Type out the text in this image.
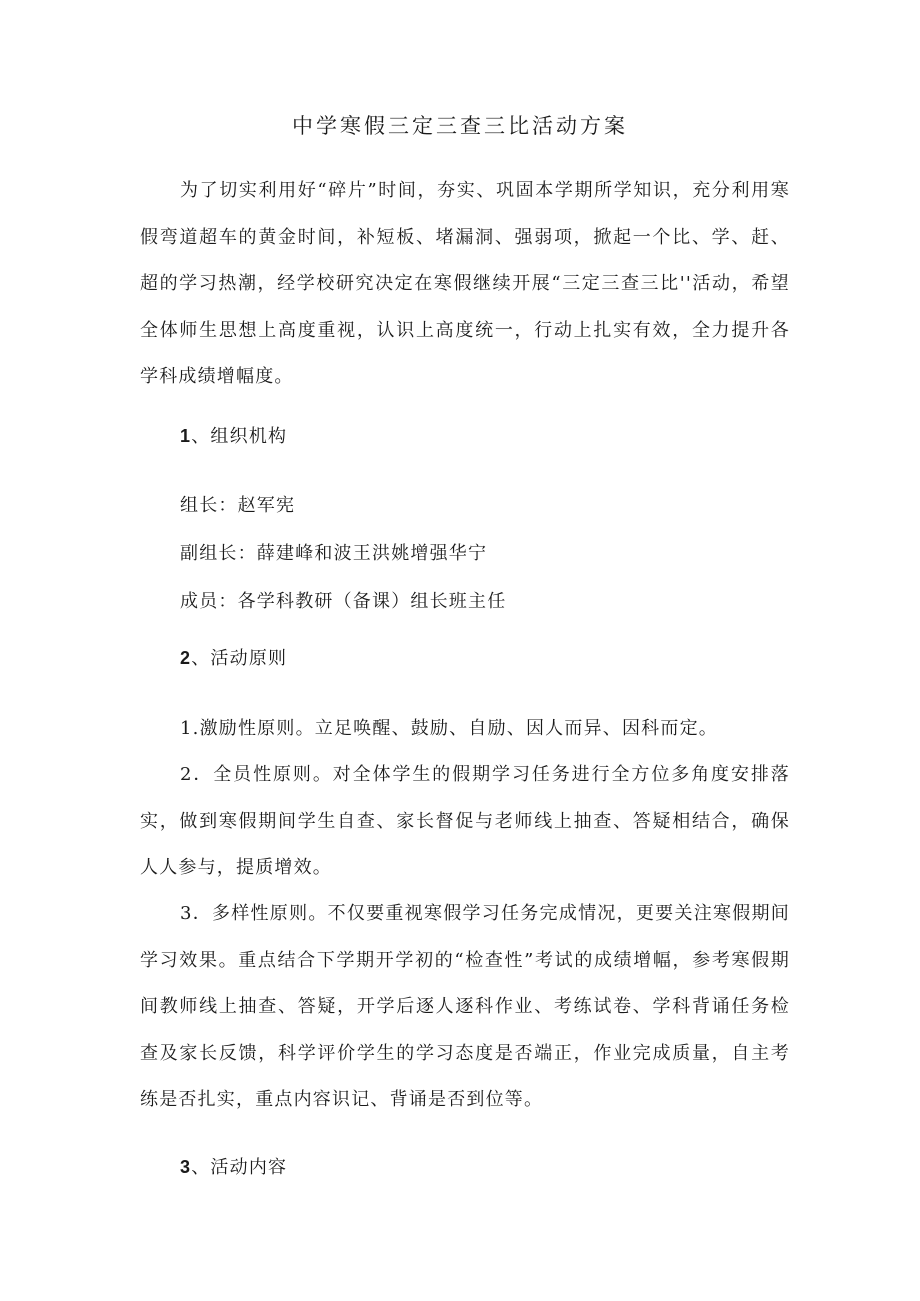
中学寒假三定三查三比活动方案
为了切实利用好“碎片”时间，夯实、巩固本学期所学知识，充分利用寒假弯道超车的黄金时间，补短板、堵漏洞、强弱项，掀起一个比、学、赶、超的学习热潮，经学校研究决定在寒假继续开展“三定三查三比''活动，希望全体师生思想上高度重视，认识上高度统一，行动上扎实有效，全力提升各学科成绩增幅度。
1、组织机构
组长：赵军宪
副组长：薛建峰和波王洪姚增强华宁
成员：各学科教研（备课）组长班主任
2、活动原则
1.激励性原则。立足唤醒、鼓励、自励、因人而异、因科而定。
2．全员性原则。对全体学生的假期学习任务进行全方位多角度安排落实，做到寒假期间学生自查、家长督促与老师线上抽查、答疑相结合，确保人人参与，提质增效。
3．多样性原则。不仅要重视寒假学习任务完成情况，更要关注寒假期间学习效果。重点结合下学期开学初的“检查性”考试的成绩增幅，参考寒假期间教师线上抽查、答疑，开学后逐人逐科作业、考练试卷、学科背诵任务检查及家长反馈，科学评价学生的学习态度是否端正，作业完成质量，自主考练是否扎实，重点内容识记、背诵是否到位等。
3、活动内容
